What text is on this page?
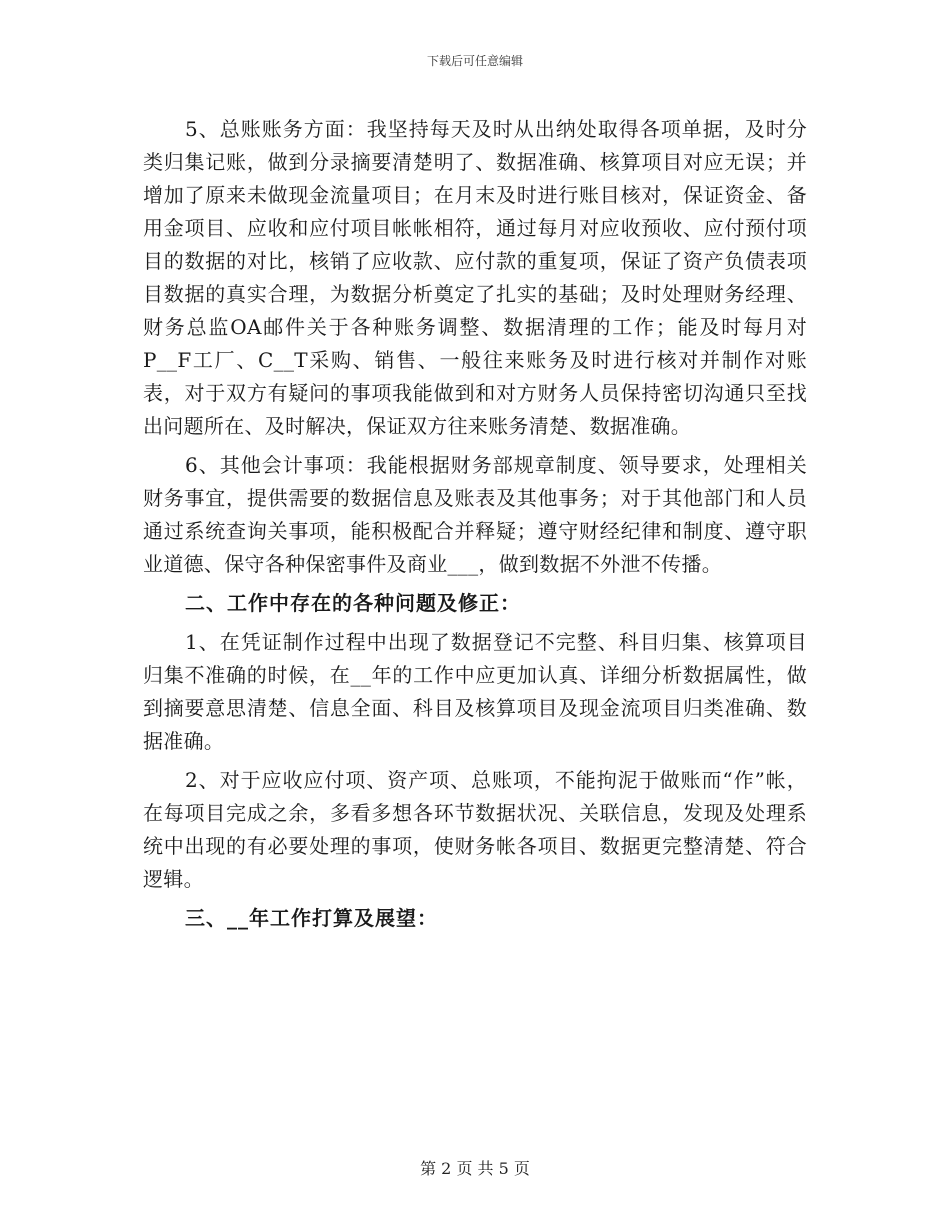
下载后可任意编辑

5、总账账务方面：我坚持每天及时从出纳处取得各项单据，及时分类归集记账，做到分录摘要清楚明了、数据准确、核算项目对应无误；并增加了原来未做现金流量项目；在月末及时进行账目核对，保证资金、备用金项目、应收和应付项目帐帐相符，通过每月对应收预收、应付预付项目的数据的对比，核销了应收款、应付款的重复项，保证了资产负债表项目数据的真实合理，为数据分析奠定了扎实的基础；及时处理财务经理、财务总监OA邮件关于各种账务调整、数据清理的工作；能及时每月对P__F工厂、C__T采购、销售、一般往来账务及时进行核对并制作对账表，对于双方有疑问的事项我能做到和对方财务人员保持密切沟通只至找出问题所在、及时解决，保证双方往来账务清楚、数据准确。

6、其他会计事项：我能根据财务部规章制度、领导要求，处理相关财务事宜，提供需要的数据信息及账表及其他事务；对于其他部门和人员通过系统查询关事项，能积极配合并释疑；遵守财经纪律和制度、遵守职业道德、保守各种保密事件及商业___，做到数据不外泄不传播。

二、工作中存在的各种问题及修正：

1、在凭证制作过程中出现了数据登记不完整、科目归集、核算项目归集不准确的时候，在__年的工作中应更加认真、详细分析数据属性，做到摘要意思清楚、信息全面、科目及核算项目及现金流项目归类准确、数据准确。

2、对于应收应付项、资产项、总账项，不能拘泥于做账而“作”帐，在每项目完成之余，多看多想各环节数据状况、关联信息，发现及处理系统中出现的有必要处理的事项，使财务帐各项目、数据更完整清楚、符合逻辑。

三、__年工作打算及展望：

第 2 页 共 5 页
